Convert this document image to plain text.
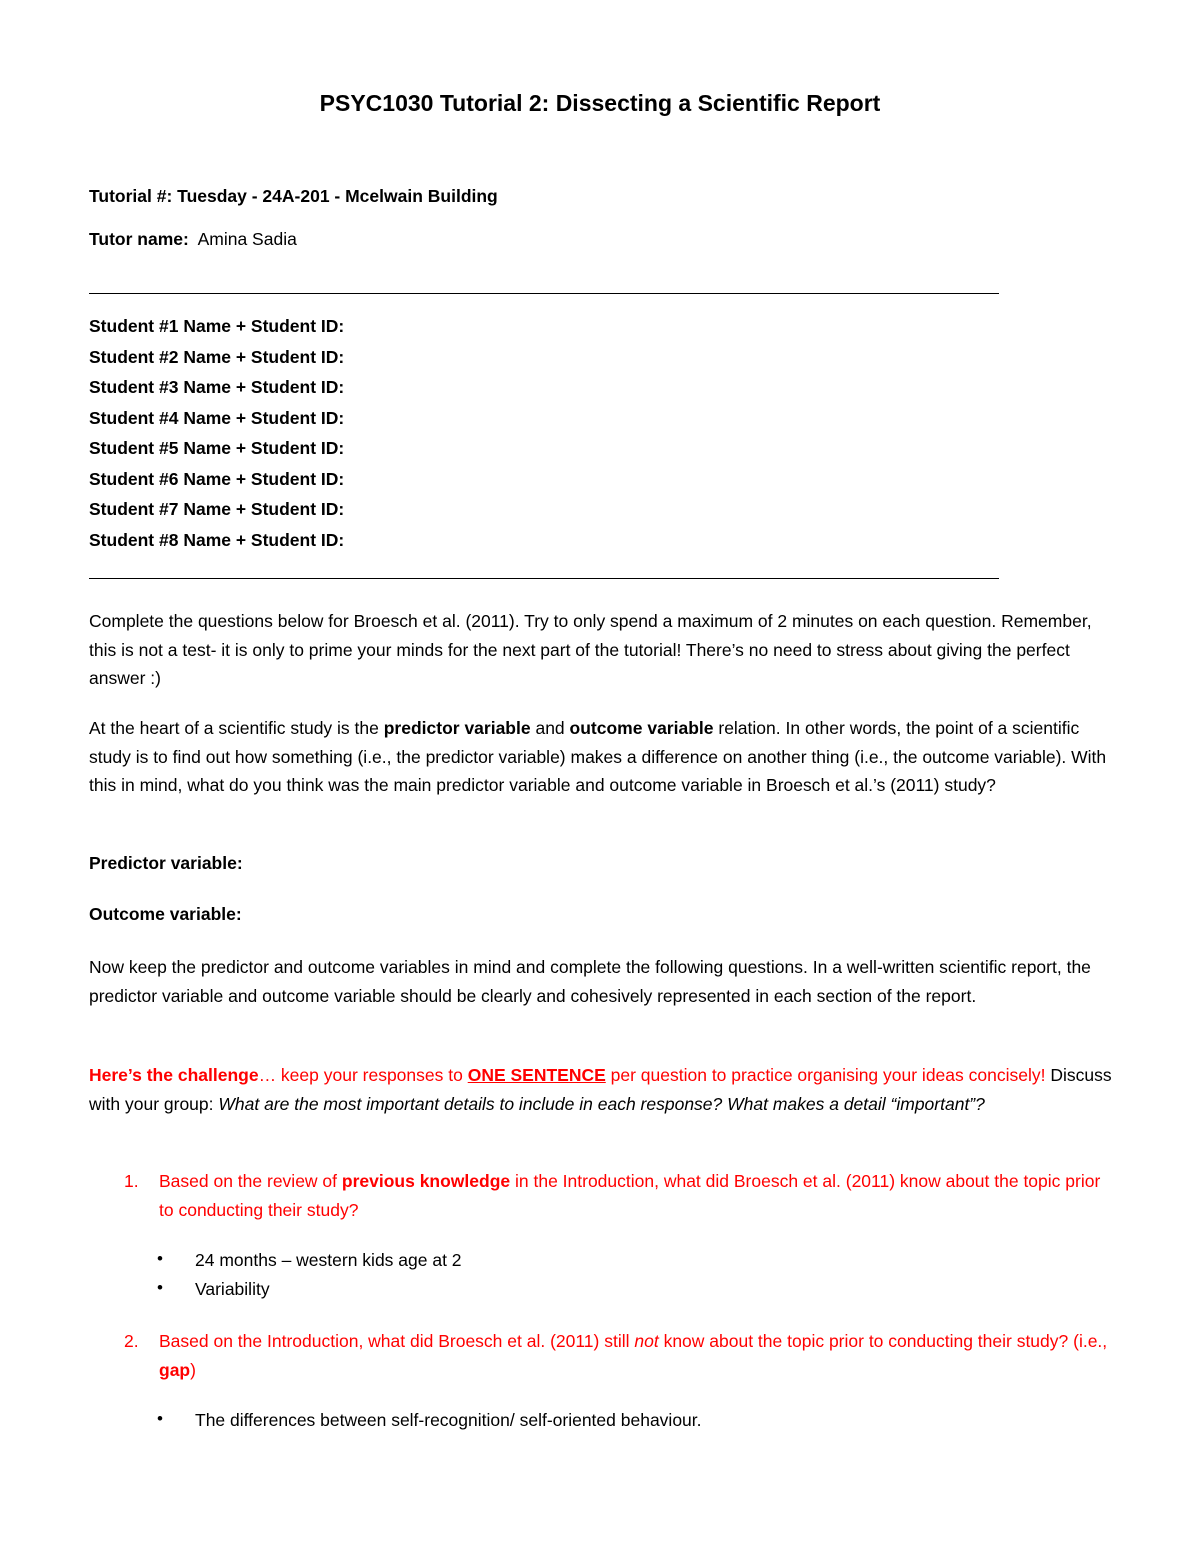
PSYC1030 Tutorial 2: Dissecting a Scientific Report
Tutorial #: Tuesday - 24A-201 - Mcelwain Building
Tutor name: Amina Sadia
Student #1 Name + Student ID:
Student #2 Name + Student ID:
Student #3 Name + Student ID:
Student #4 Name + Student ID:
Student #5 Name + Student ID:
Student #6 Name + Student ID:
Student #7 Name + Student ID:
Student #8 Name + Student ID:
Complete the questions below for Broesch et al. (2011). Try to only spend a maximum of 2 minutes on each question. Remember, this is not a test- it is only to prime your minds for the next part of the tutorial! There’s no need to stress about giving the perfect answer :)
At the heart of a scientific study is the predictor variable and outcome variable relation. In other words, the point of a scientific study is to find out how something (i.e., the predictor variable) makes a difference on another thing (i.e., the outcome variable). With this in mind, what do you think was the main predictor variable and outcome variable in Broesch et al.’s (2011) study?
Predictor variable:
Outcome variable:
Now keep the predictor and outcome variables in mind and complete the following questions. In a well-written scientific report, the predictor variable and outcome variable should be clearly and cohesively represented in each section of the report.
Here’s the challenge… keep your responses to ONE SENTENCE per question to practice organising your ideas concisely! Discuss with your group: What are the most important details to include in each response? What makes a detail “important”?
1. Based on the review of previous knowledge in the Introduction, what did Broesch et al. (2011) know about the topic prior to conducting their study?
• 24 months – western kids age at 2
• Variability
2. Based on the Introduction, what did Broesch et al. (2011) still not know about the topic prior to conducting their study? (i.e., gap)
• The differences between self-recognition/ self-oriented behaviour.
